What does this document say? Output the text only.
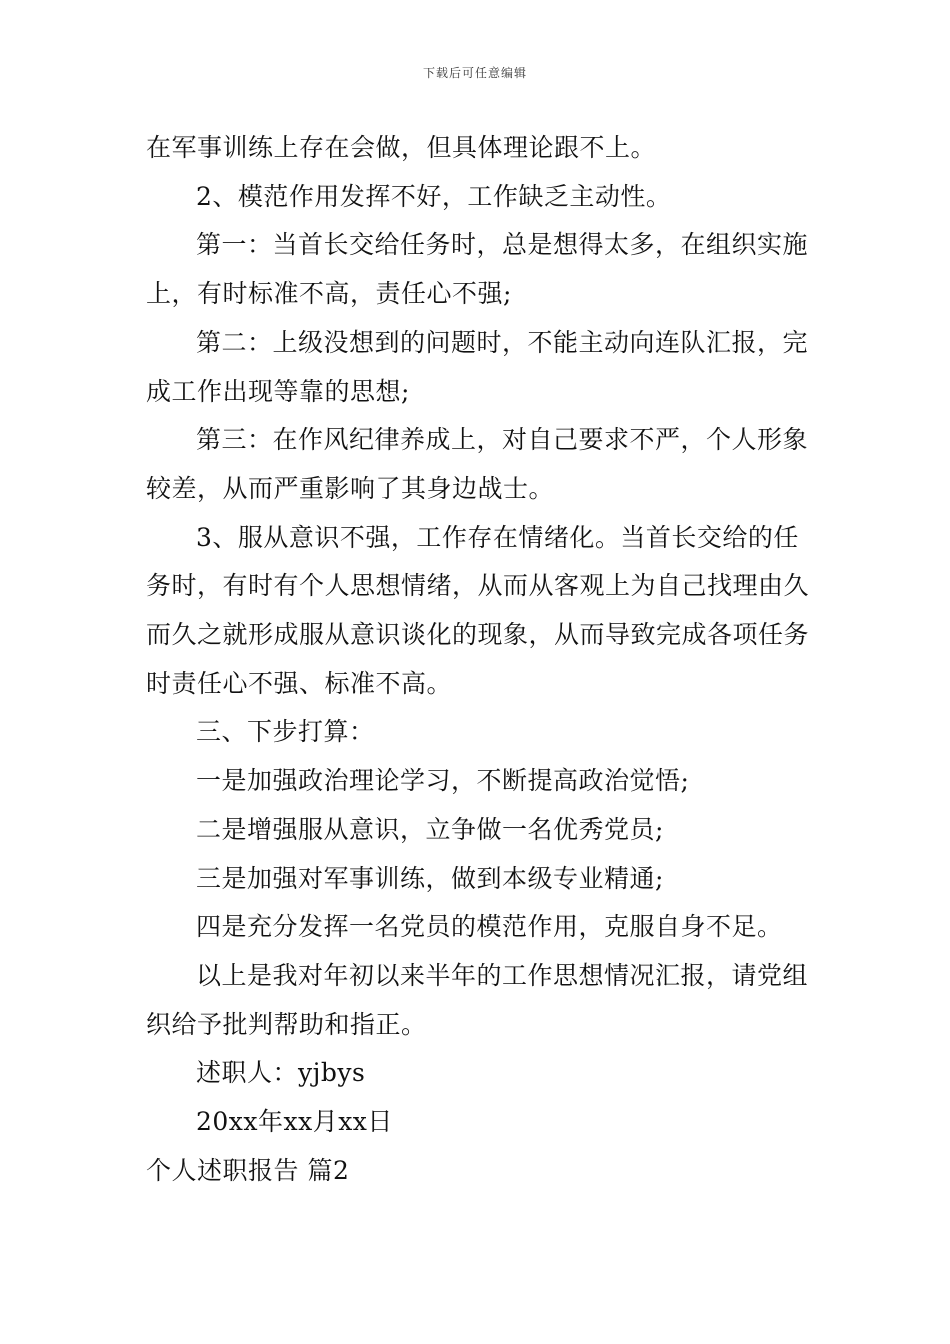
下载后可任意编辑

在军事训练上存在会做，但具体理论跟不上。

2、模范作用发挥不好，工作缺乏主动性。

第一：当首长交给任务时，总是想得太多，在组织实施上，有时标准不高，责任心不强;

第二：上级没想到的问题时，不能主动向连队汇报，完成工作出现等靠的思想;

第三：在作风纪律养成上，对自己要求不严，个人形象较差，从而严重影响了其身边战士。

3、服从意识不强，工作存在情绪化。当首长交给的任务时，有时有个人思想情绪，从而从客观上为自己找理由久而久之就形成服从意识谈化的现象，从而导致完成各项任务时责任心不强、标准不高。

三、下步打算：

一是加强政治理论学习，不断提高政治觉悟;

二是增强服从意识，立争做一名优秀党员;

三是加强对军事训练，做到本级专业精通;

四是充分发挥一名党员的模范作用，克服自身不足。

以上是我对年初以来半年的工作思想情况汇报，请党组织给予批判帮助和指正。

述职人：yjbys

20xx年xx月xx日

个人述职报告 篇2
